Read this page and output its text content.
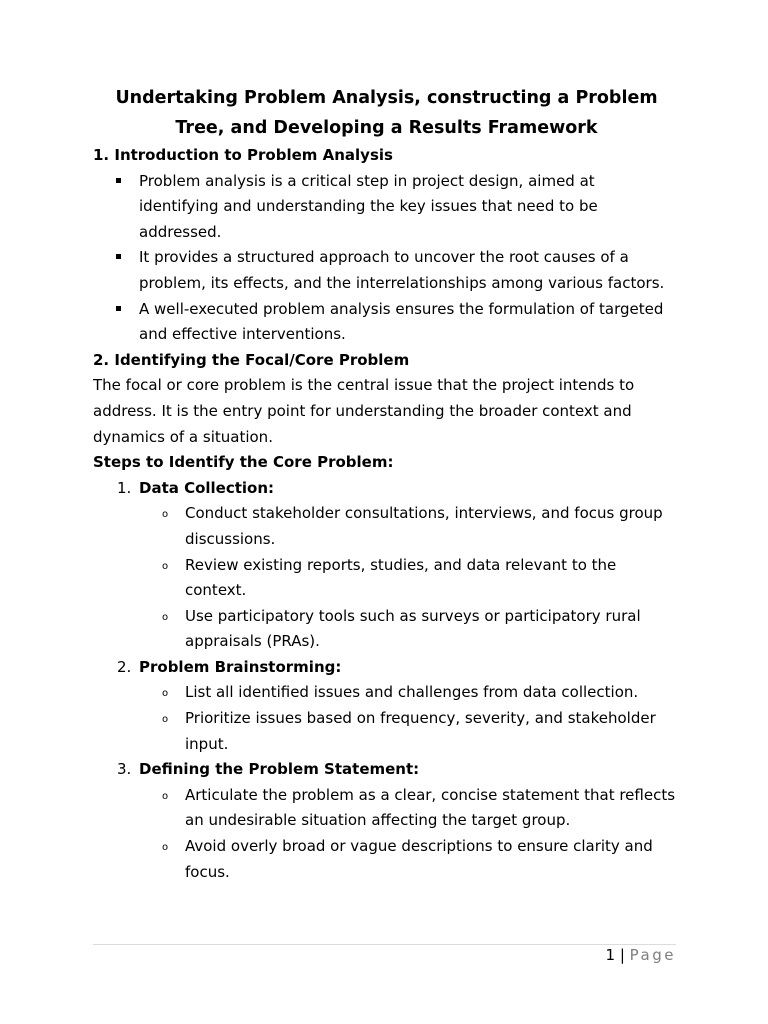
Undertaking Problem Analysis, constructing a Problem
Tree, and Developing a Results Framework

1. Introduction to Problem Analysis

Problem analysis is a critical step in project design, aimed at identifying and understanding the key issues that need to be addressed.
It provides a structured approach to uncover the root causes of a problem, its effects, and the interrelationships among various factors.
A well-executed problem analysis ensures the formulation of targeted and effective interventions.

2. Identifying the Focal/Core Problem

The focal or core problem is the central issue that the project intends to address. It is the entry point for understanding the broader context and dynamics of a situation.

Steps to Identify the Core Problem:

1. Data Collection:
o Conduct stakeholder consultations, interviews, and focus group discussions.
o Review existing reports, studies, and data relevant to the context.
o Use participatory tools such as surveys or participatory rural appraisals (PRAs).
2. Problem Brainstorming:
o List all identified issues and challenges from data collection.
o Prioritize issues based on frequency, severity, and stakeholder input.
3. Defining the Problem Statement:
o Articulate the problem as a clear, concise statement that reflects an undesirable situation affecting the target group.
o Avoid overly broad or vague descriptions to ensure clarity and focus.
1 | Page
